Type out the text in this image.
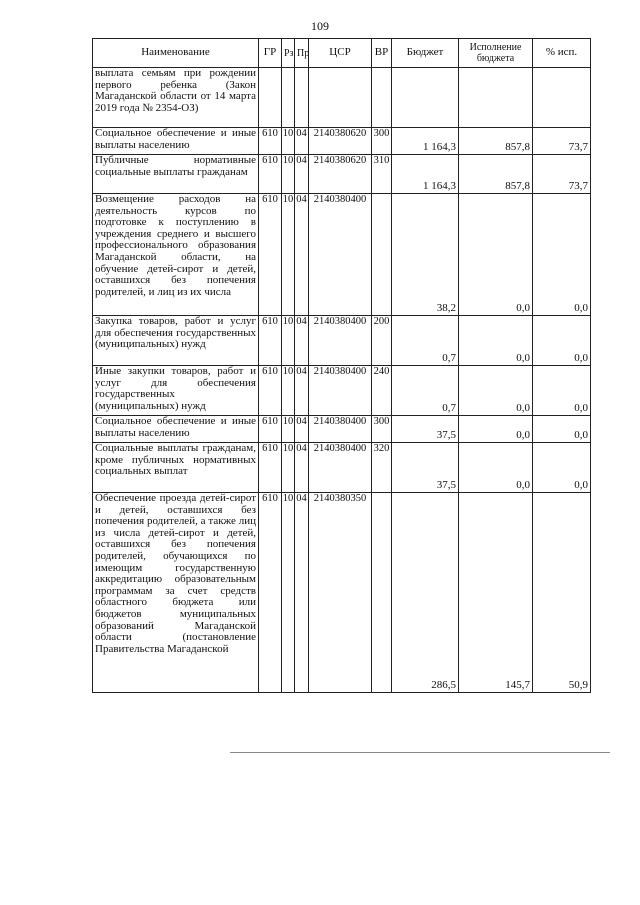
109
Наименование	ГР	Рз	Пр	ЦСР	ВР	Бюджет	Исполнение бюджета	% исп.
выплата семьям при рождении первого ребенка (Закон Магаданской области от 14 марта 2019 года № 2354-ОЗ)								
Социальное обеспечение и иные выплаты населению	610	10	04	2140380620	300	1 164,3	857,8	73,7
Публичные нормативные социальные выплаты гражданам	610	10	04	2140380620	310	1 164,3	857,8	73,7
Возмещение расходов на деятельность курсов по подготовке к поступлению в учреждения среднего и высшего профессионального образования Магаданской области, на обучение детей-сирот и детей, оставшихся без попечения родителей, и лиц из их числа	610	10	04	2140380400		38,2	0,0	0,0
Закупка товаров, работ и услуг для обеспечения государственных (муниципальных) нужд	610	10	04	2140380400	200	0,7	0,0	0,0
Иные закупки товаров, работ и услуг для обеспечения государственных (муниципальных) нужд	610	10	04	2140380400	240	0,7	0,0	0,0
Социальное обеспечение и иные выплаты населению	610	10	04	2140380400	300	37,5	0,0	0,0
Социальные выплаты гражданам, кроме публичных нормативных социальных выплат	610	10	04	2140380400	320	37,5	0,0	0,0
Обеспечение проезда детей-сирот и детей, оставшихся без попечения родителей, а также лиц из числа детей-сирот и детей, оставшихся без попечения родителей, обучающихся по имеющим государственную аккредитацию образовательным программам за счет средств областного бюджета или бюджетов муниципальных образований Магаданской области (постановление Правительства Магаданской	610	10	04	2140380350		286,5	145,7	50,9
